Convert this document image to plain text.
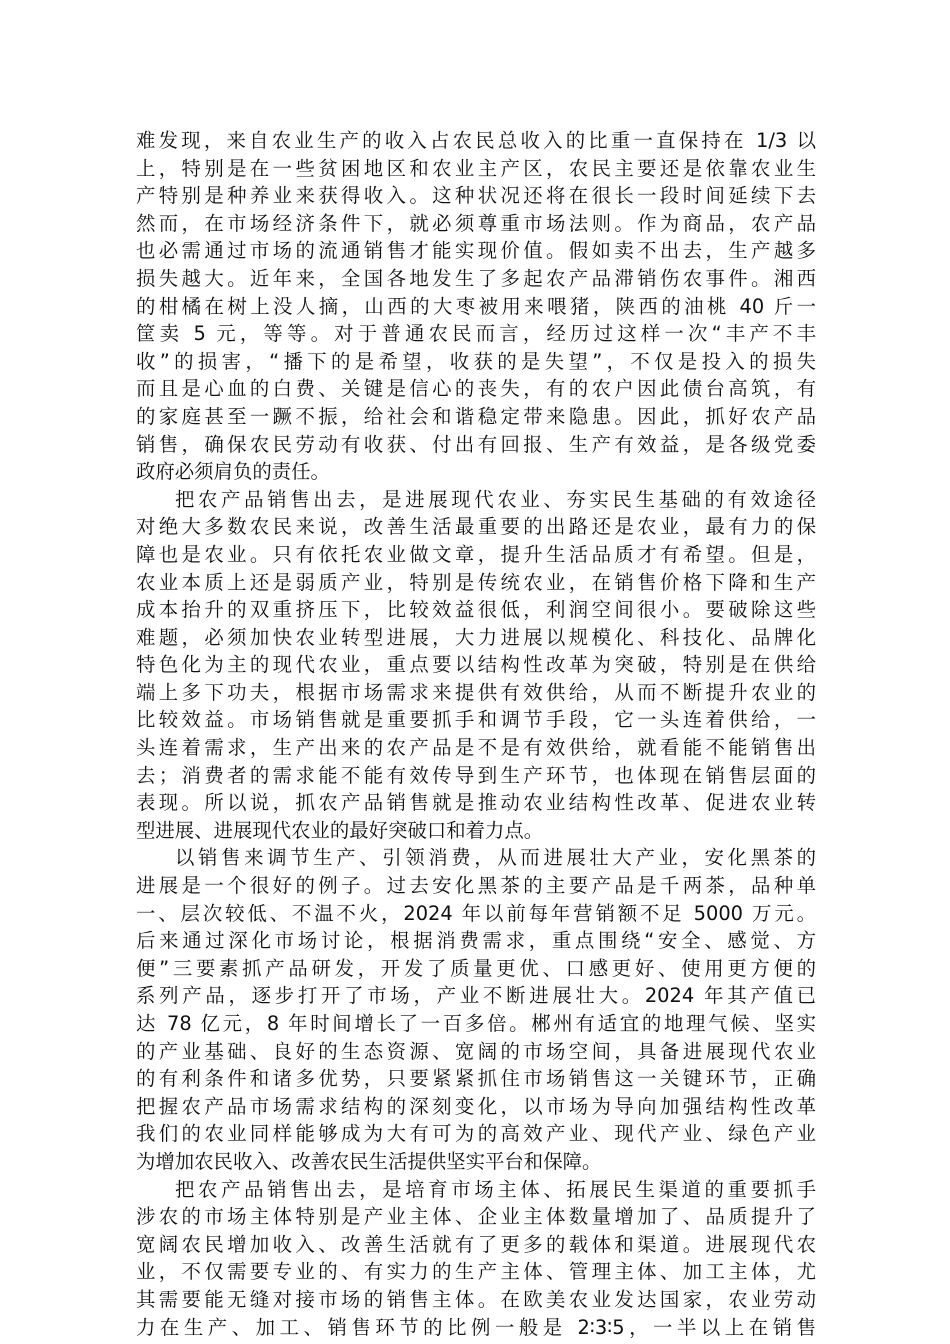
难发现，来自农业生产的收入占农民总收入的比重一直保持在 1/3 以
上，特别是在一些贫困地区和农业主产区，农民主要还是依靠农业生
产特别是种养业来获得收入。这种状况还将在很长一段时间延续下去
然而，在市场经济条件下，就必须尊重市场法则。作为商品，农产品
也必需通过市场的流通销售才能实现价值。假如卖不出去，生产越多
损失越大。近年来，全国各地发生了多起农产品滞销伤农事件。湘西
的柑橘在树上没人摘，山西的大枣被用来喂猪，陕西的油桃 40 斤一
筐卖 5 元，等等。对于普通农民而言，经历过这样一次“丰产不丰
收”的损害，“播下的是希望，收获的是失望”，不仅是投入的损失
而且是心血的白费、关键是信心的丧失，有的农户因此债台高筑，有
的家庭甚至一蹶不振，给社会和谐稳定带来隐患。因此，抓好农产品
销售，确保农民劳动有收获、付出有回报、生产有效益，是各级党委
政府必须肩负的责任。
把农产品销售出去，是进展现代农业、夯实民生基础的有效途径
对绝大多数农民来说，改善生活最重要的出路还是农业，最有力的保
障也是农业。只有依托农业做文章，提升生活品质才有希望。但是，
农业本质上还是弱质产业，特别是传统农业，在销售价格下降和生产
成本抬升的双重挤压下，比较效益很低，利润空间很小。要破除这些
难题，必须加快农业转型进展，大力进展以规模化、科技化、品牌化
特色化为主的现代农业，重点要以结构性改革为突破，特别是在供给
端上多下功夫，根据市场需求来提供有效供给，从而不断提升农业的
比较效益。市场销售就是重要抓手和调节手段，它一头连着供给，一
头连着需求，生产出来的农产品是不是有效供给，就看能不能销售出
去；消费者的需求能不能有效传导到生产环节，也体现在销售层面的
表现。所以说，抓农产品销售就是推动农业结构性改革、促进农业转
型进展、进展现代农业的最好突破口和着力点。
以销售来调节生产、引领消费，从而进展壮大产业，安化黑茶的
进展是一个很好的例子。过去安化黑茶的主要产品是千两茶，品种单
一、层次较低、不温不火，2024 年以前每年营销额不足 5000 万元。
后来通过深化市场讨论，根据消费需求，重点围绕“安全、感觉、方
便”三要素抓产品研发，开发了质量更优、口感更好、使用更方便的
系列产品，逐步打开了市场，产业不断进展壮大。2024 年其产值已
达 78 亿元，8 年时间增长了一百多倍。郴州有适宜的地理气候、坚实
的产业基础、良好的生态资源、宽阔的市场空间，具备进展现代农业
的有利条件和诸多优势，只要紧紧抓住市场销售这一关键环节，正确
把握农产品市场需求结构的深刻变化，以市场为导向加强结构性改革
我们的农业同样能够成为大有可为的高效产业、现代产业、绿色产业
为增加农民收入、改善农民生活提供坚实平台和保障。
把农产品销售出去，是培育市场主体、拓展民生渠道的重要抓手
涉农的市场主体特别是产业主体、企业主体数量增加了、品质提升了
宽阔农民增加收入、改善生活就有了更多的载体和渠道。进展现代农
业，不仅需要专业的、有实力的生产主体、管理主体、加工主体，尤
其需要能无缝对接市场的销售主体。在欧美农业发达国家，农业劳动
力在生产、加工、销售环节的比例一般是 2∶3∶5，一半以上在销售
